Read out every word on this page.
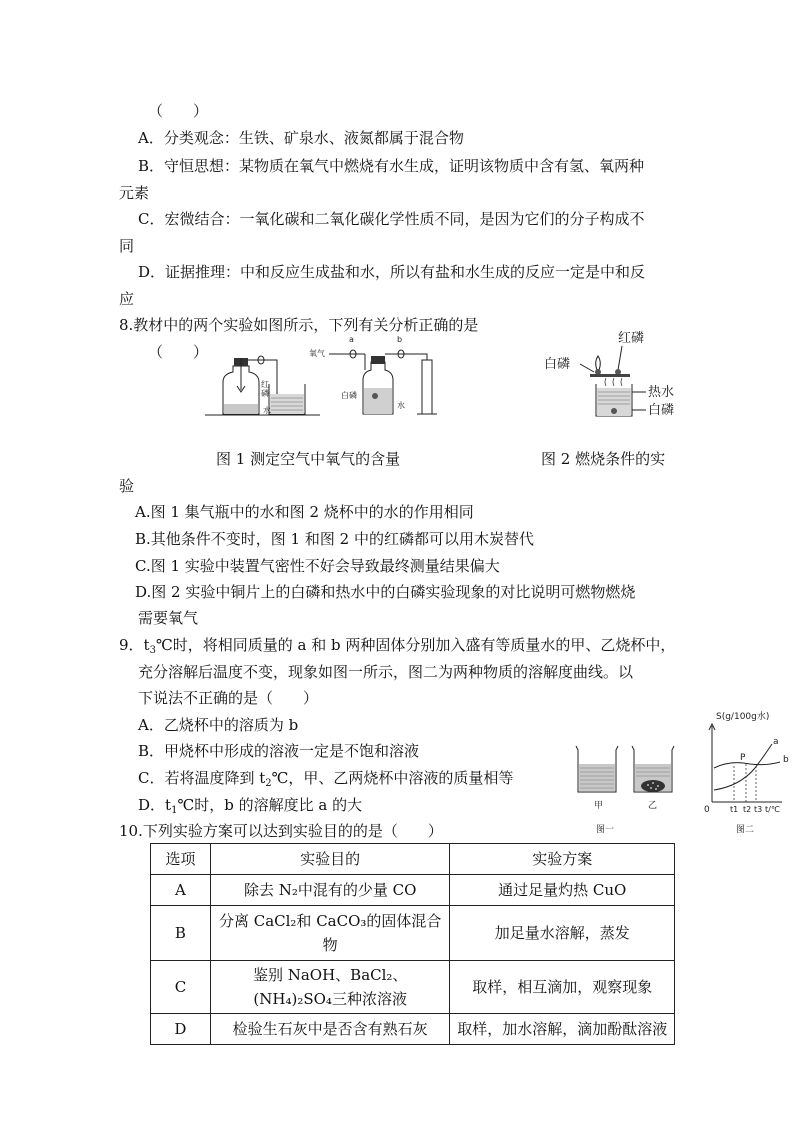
（　　）
A．分类观念：生铁、矿泉水、液氮都属于混合物
B．守恒思想：某物质在氧气中燃烧有水生成，证明该物质中含有氢、氧两种
元素
C．宏微结合：一氧化碳和二氧化碳化学性质不同，是因为它们的分子构成不
同
D．证据推理：中和反应生成盐和水，所以有盐和水生成的反应一定是中和反
应
8.教材中的两个实验如图所示，下列有关分析正确的是
（　　）
红
磷
水
氧气
a	b
白磷
水
红磷
白磷
热水
白磷
图 1 测定空气中氧气的含量	图 2 燃烧条件的实
验
A.图 1 集气瓶中的水和图 2 烧杯中的水的作用相同
B.其他条件不变时，图 1 和图 2 中的红磷都可以用木炭替代
C.图 1 实验中装置气密性不好会导致最终测量结果偏大
D.图 2 实验中铜片上的白磷和热水中的白磷实验现象的对比说明可燃物燃烧
需要氧气
9．$t_3℃$时，将相同质量的 a 和 b 两种固体分别加入盛有等质量水的甲、乙烧杯中，
充分溶解后温度不变，现象如图一所示，图二为两种物质的溶解度曲线。以
下说法不正确的是（　　）
A．乙烧杯中的溶质为 b
B．甲烧杯中形成的溶液一定是不饱和溶液
C．若将温度降到 $t_2℃$，甲、乙两烧杯中溶液的质量相等
D．$t_1℃$时，b 的溶解度比 a 的大	甲	乙
图一
S(g/100g水)
0
a
b
P
t1 t2 t3 t/℃
图二
10.下列实验方案可以达到实验目的的是（　　）
选项	实验目的	实验方案
A	除去 N₂中混有的少量 CO	通过足量灼热 CuO
B	分离 CaCl₂和 CaCO₃的固体混合物	加足量水溶解，蒸发
C	鉴别 NaOH、BaCl₂、(NH₄)₂SO₄三种浓溶液	取样，相互滴加，观察现象
D	检验生石灰中是否含有熟石灰	取样，加水溶解，滴加酚酞溶液
